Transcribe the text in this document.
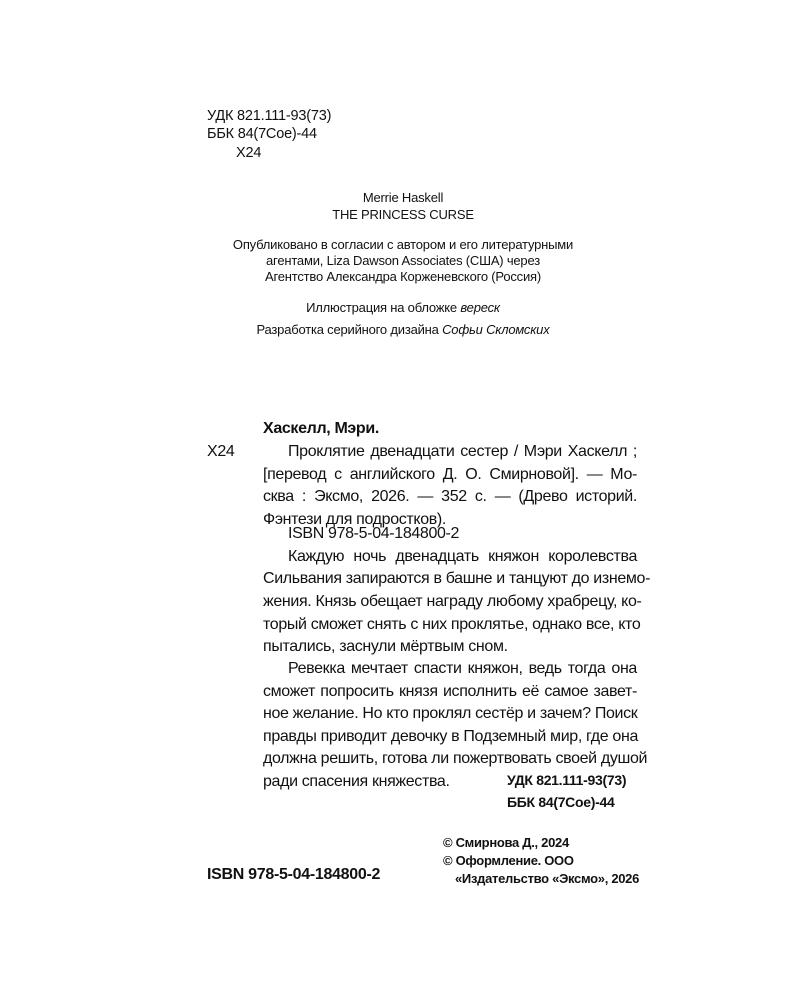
УДК 821.111-93(73)
ББК 84(7Сое)-44
Х24
Merrie Haskell
THE PRINCESS CURSE
Опубликовано в согласии с автором и его литературными
агентами, Liza Dawson Associates (США) через
Агентство Александра Корженевского (Россия)
Иллюстрация на обложке вереск
Разработка серийного дизайна Софьи Скломских
Хаскелл, Мэри.
Х24	Проклятие двенадцати сестер / Мэри Хаскелл ;
[перевод с английского Д. О. Смирновой]. — Мо-
сква : Эксмо, 2026. — 352 с. — (Древо историй.
Фэнтези для подростков).
ISBN 978-5-04-184800-2
Каждую ночь двенадцать княжон королевства
Сильвания запираются в башне и танцуют до изнемо-
жения. Князь обещает награду любому храбрецу, ко-
торый сможет снять с них проклятье, однако все, кто
пытались, заснули мёртвым сном.
Ревекка мечтает спасти княжон, ведь тогда она
сможет попросить князя исполнить её самое завет-
ное желание. Но кто проклял сестёр и зачем? Поиск
правды приводит девочку в Подземный мир, где она
должна решить, готова ли пожертвовать своей душой
ради спасения княжества.	УДК 821.111-93(73)
ББК 84(7Сое)-44
© Смирнова Д., 2024
© Оформление. ООО
«Издательство «Эксмо», 2026
ISBN 978-5-04-184800-2
